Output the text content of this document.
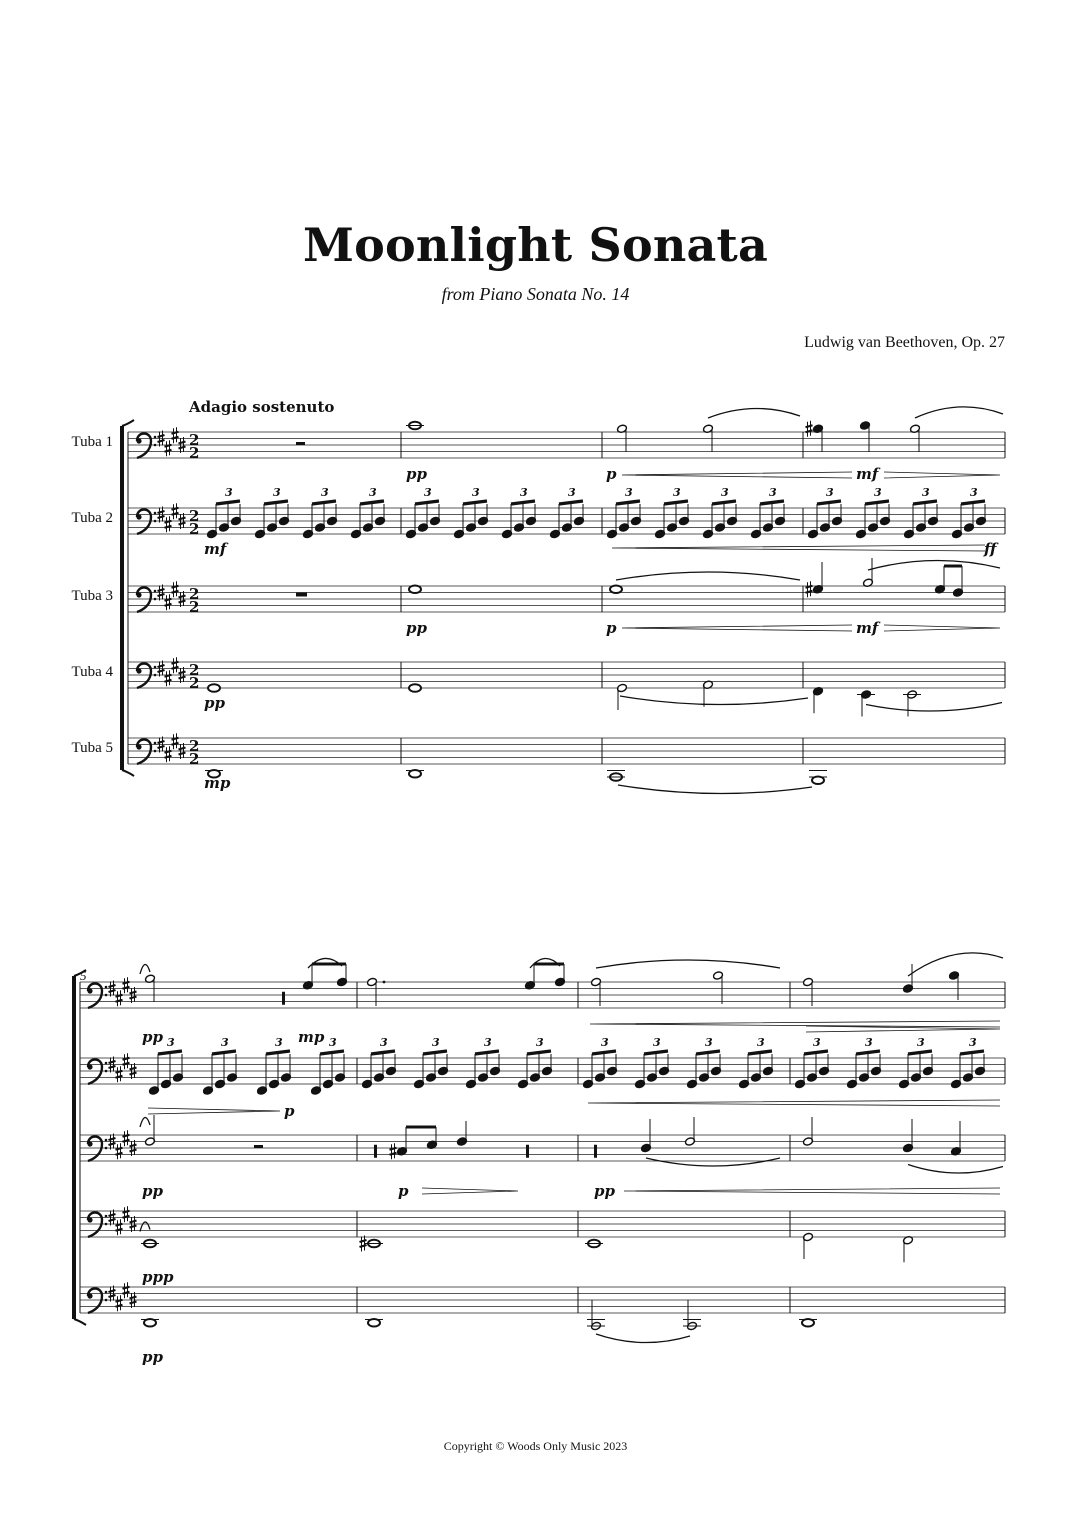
Moonlight Sonata
from Piano Sonata No. 14
Ludwig van Beethoven, Op. 27
Adagio sostenuto
Tuba 1
Tuba 2
Tuba 3
Tuba 4
Tuba 5
5
2
2
2
2
2
2
2
2
2
2
pp	p	mf
3	3	3	3	3	3	3	3	3	3	3	3	3	3	3	3
mf	ff
pp	p	mf
pp
mp
pp	mp
3	3	3	3	3	3	3	3	3	3	3	3	3	3	3	3
p
pp	p	pp
ppp
pp
Copyright © Woods Only Music 2023
